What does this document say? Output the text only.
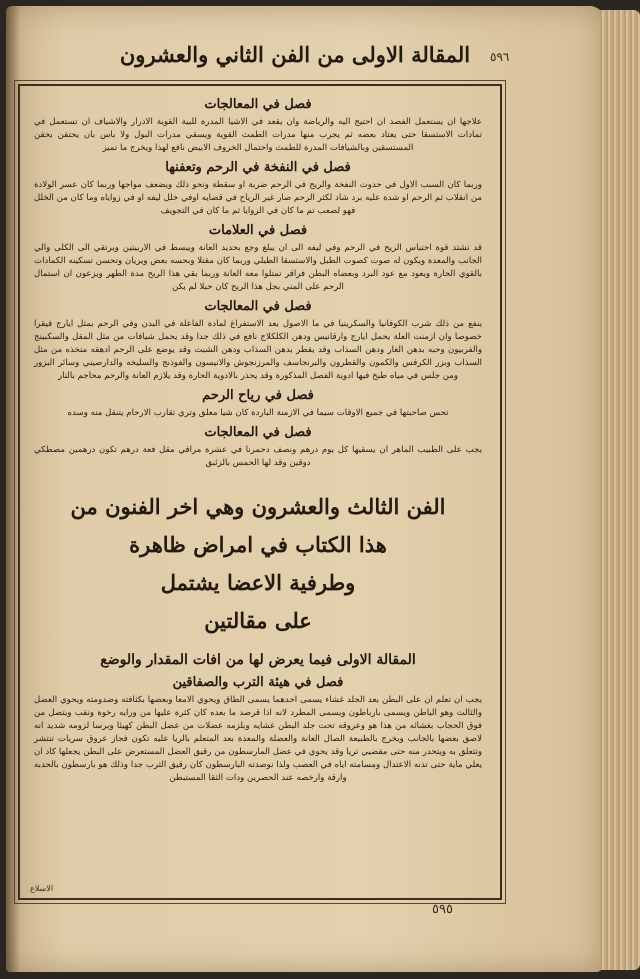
المقالة الاولى من الفن الثاني والعشرون	٥٩٦
فصل في المعالجات
علاجها ان يستعمل الفصد ان احتيج اليه والرياضة وان يقعد في الاشيا المدرة للبية القوية الادرار والاشياف ان تستعمل في تمادات الاستسقا حتى يعتاد بعضه ثم يجرب منها مدرات الطمث القوية ويسقي مدرات البول ولا باس بان يحتقن بحقن المستسقين وبالشيافات المدرة للطمث واحتمال الخروف الابيض نافع لهذا ويخرج ما تميز
فصل في النفخة في الرحم وتعفنها
وربما كان السبب الاول في حدوث النفخة والريح في الرحم ضربة او سقطة ونحو ذلك ويضعف مواجها وربما كان عسر الولادة من انقلاب ثم الرحم او شدة عليه برد شاد لكثر الرحم صار غير الرياح في قضايه اوفي خلل ليفه او في زواياه وما كان من الخلل فهو لصعب تم ما كان في الزوايا ثم ما كان في التجويف
فصل في العلامات
قد تشتد قوة احتباس الريح في الرحم وفي ليفه الى ان يبلغ وجع بحديد العانة ويبسط في الاربيتين ويرتقي الى الكلى والي الجانب والمعدة ويكون له صوت كصوت الطبل والاستسقا الطبلي وربما كان مقتلا وبحسه بعض ويريان وتحسن تسكينه الكمادات بالقوي الحارة ويعود مع عود البرد وبعضاه البطن فراقر تمتلوا معه العانة وربما بقي هذا الريح مدة الطهر ويزعون ان استمال الرحم على المني بجل هذا الريح كان حبلا لم يكن
فصل في المعالجات
ينفع من ذلك شرب الكوفانيا والسكرينيا في ما الاصول بعد الاستفراغ لمادة الفاعلة في البدن وفي الرحم بمثل ايارج فيقرا خصوصا وان ازمنت العلة يحمل ايارج وارقانيس ودهن الكلكلاج نافع في ذلك جدا وقد يحمل شيافات من مثل المقل والسكبينج والفربيون وحبه بدهن الغار ودهن السذاب وقد يقطر بدهن السذاب ودهن الشبث وقد يوضع على الرحم ادهقه متخذه من مثل السذاب وبزر الكرفس والكمون والقطرون والبرنجاسف والمرزنجوش والانيسون والفوذنج والسليخه والدارصيني وسائر البزور ومن جلس في مياه طبخ فيها ادوية الفصل المذكورة وقد يحذر بالادوية الحارة وقد يلازم العانة والرحم محاجم بالنار
فصل في رياح الرحم
تحس صاحبتها في جميع الاوقات سيما في الازمنة الباردة كان شيا معلق وتري تقارب الارحام يتنقل منه وسده
فصل في المعالجات
يجب على الطبيب الماهر ان يسقيها كل يوم درهم ونصف دحمرنا في عشرة مراقي مقل فعة درهم تكون درهمين مصطكي دوقين وقد لها الحمس بالزئبق
الفن الثالث والعشرون وهي اخر الفنون من
هذا الكتاب في امراض ظاهرة
وطرفية الاعضا يشتمل
على مقالتين
المقالة الاولى فيما يعرض لها من افات المقدار والوضع
فصل في هيئة الترب والصفاقين
يجب ان تعلم ان على البطن بعد الجلد غشاء يسمى احدهما يسمى الطاق ويحوي الامعا وبعضها بكثافته وضدومته ويحوي العضل والثالث وهو الباطن ويسمى بارباطون ويسمى المطرد لانه اذا قرصد ما بعده كان كثرة عليها من ورايه رخوة ونقب ويتصل من فوق الحجاب بغشائه من هذا هو وعروقه تحت جلد البطن غشايه وبلزمه عضلات من عضل البطن كهيئا وبرسا لزومه شديد انه لاصق بعضها بالجانب ويخرج بالطبيعة الصال العانة والعضلة والمعدة بعد المتعلم بالريا عليه تكون فجاز عروق سريات تنتشر وتتعلق به ويتحدر منه حتى مقضيي تريا وقد يحوي في عضل المارسطون من رقيق العضل المستعرض على البطن يجعلها كاد ان يعلي ماية حتى تذنه الاعتدال ومسامته اياه في العصب ولذا نوصدته البارسطون كان رقيق الثرب جدا وذلك هو بارسطون بالحدبه وارقة وارخصه عند الحصرين ودات الثقا المستبطن
الاسلاع
٥٩٥
